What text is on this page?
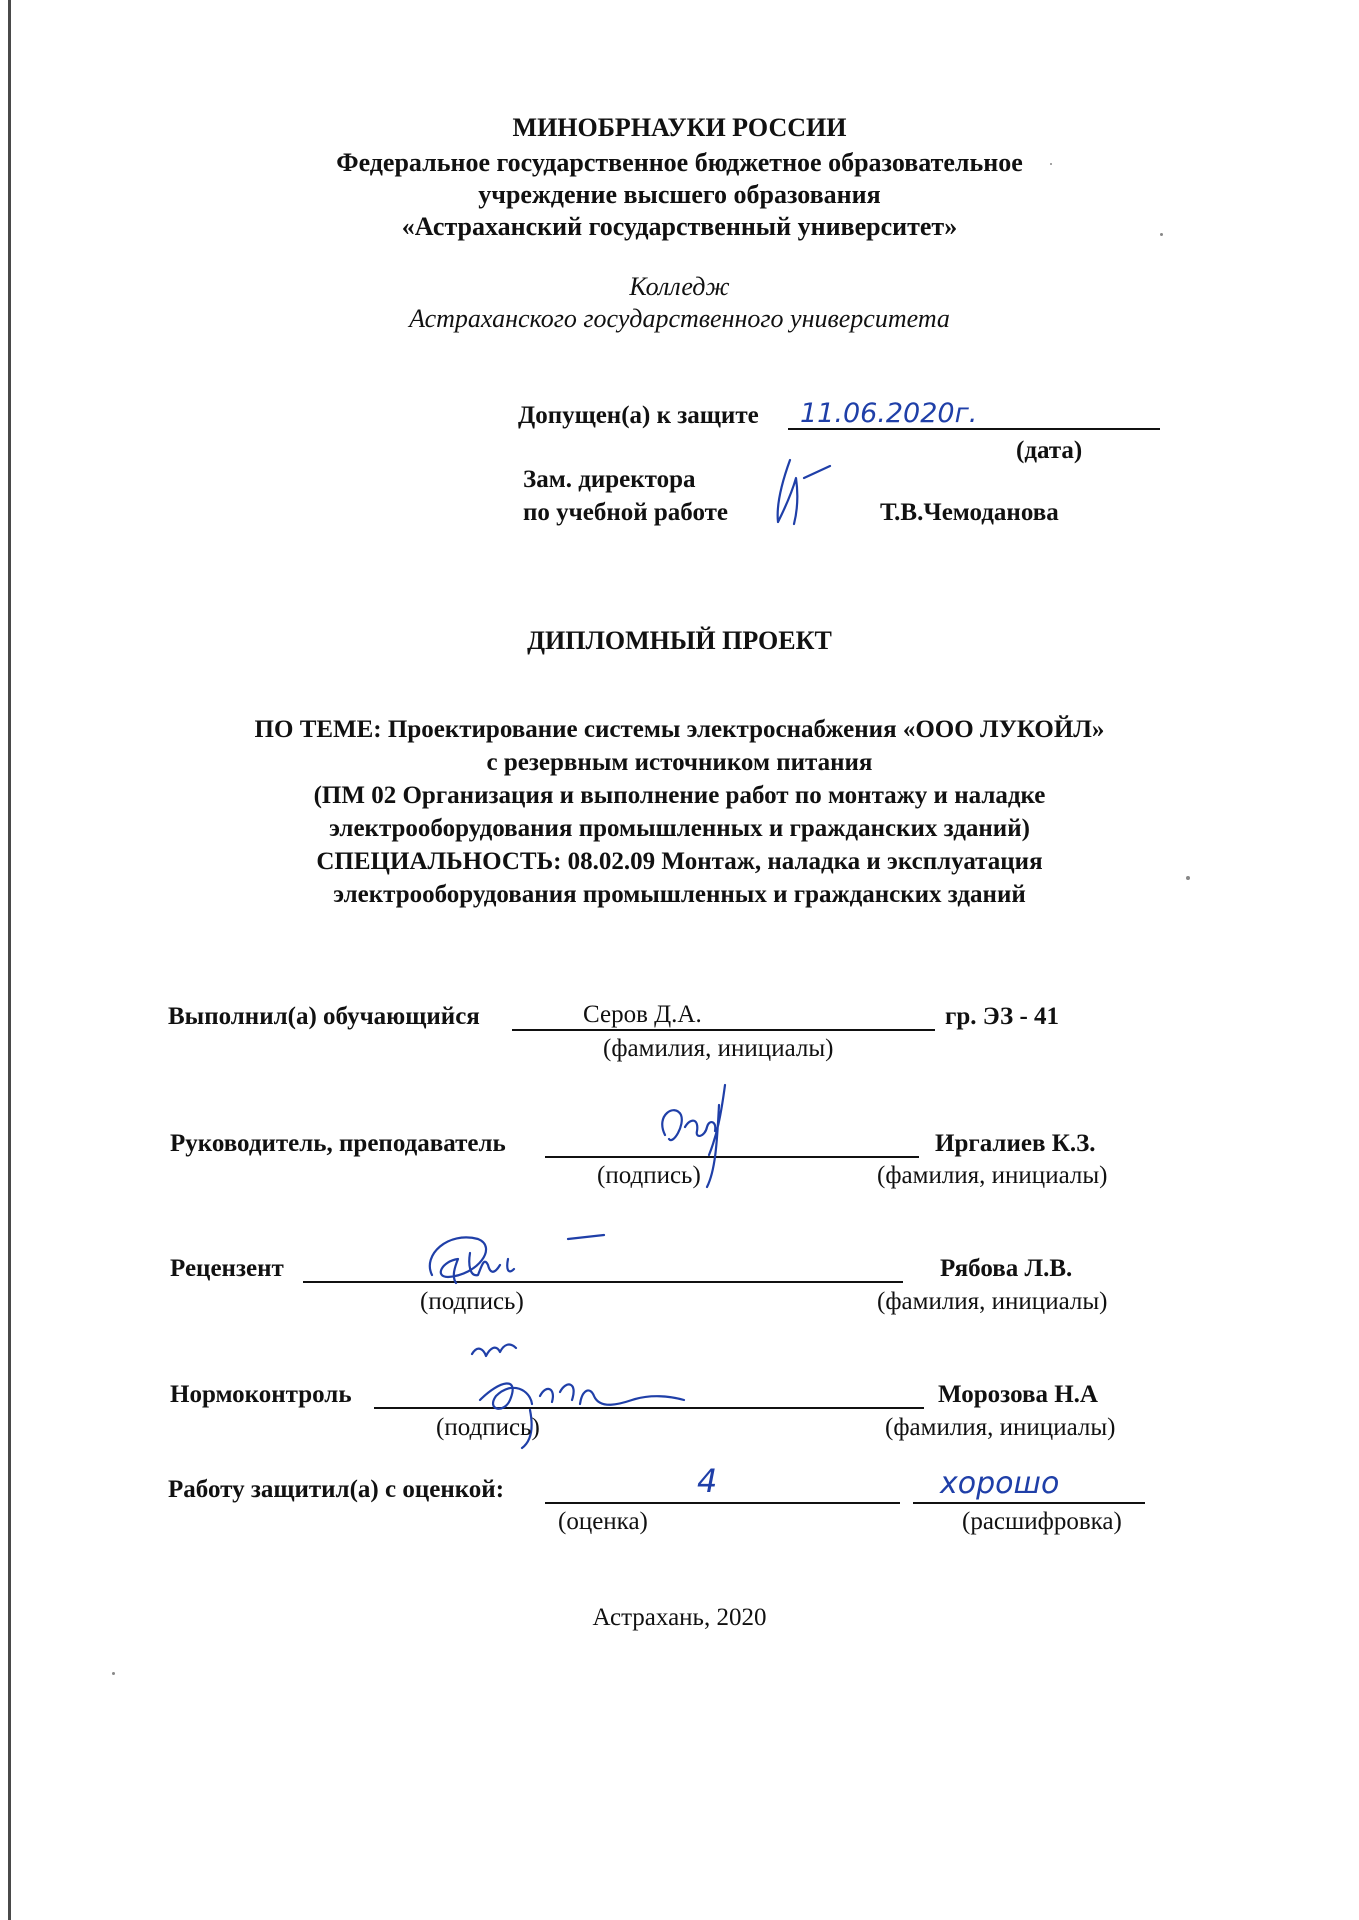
МИНОБРНАУКИ РОССИИ
Федеральное государственное бюджетное образовательное
учреждение высшего образования
«Астраханский государственный университет»
Колледж
Астраханского государственного университета
Допущен(а) к защите 11.06.2020г.
(дата)
Зам. директора
по учебной работе	Т.В.Чемоданова
ДИПЛОМНЫЙ ПРОЕКТ
ПО ТЕМЕ: Проектирование системы электроснабжения «ООО ЛУКОЙЛ»
с резервным источником питания
(ПМ 02 Организация и выполнение работ по монтажу и наладке
электрооборудования промышленных и гражданских зданий)
СПЕЦИАЛЬНОСТЬ: 08.02.09 Монтаж, наладка и эксплуатация
электрооборудования промышленных и гражданских зданий
Выполнил(а) обучающийся	Серов Д.А.	гр. ЭЗ - 41
(фамилия, инициалы)
Руководитель, преподаватель	Иргалиев К.З.
(подпись)	(фамилия, инициалы)
Рецензент	Рябова Л.В.
(подпись)	(фамилия, инициалы)
Нормоконтроль	Морозова Н.А
(подпись)	(фамилия, инициалы)
Работу защитил(а) с оценкой:	4	хорошо
(оценка)	(расшифровка)
Астрахань, 2020
